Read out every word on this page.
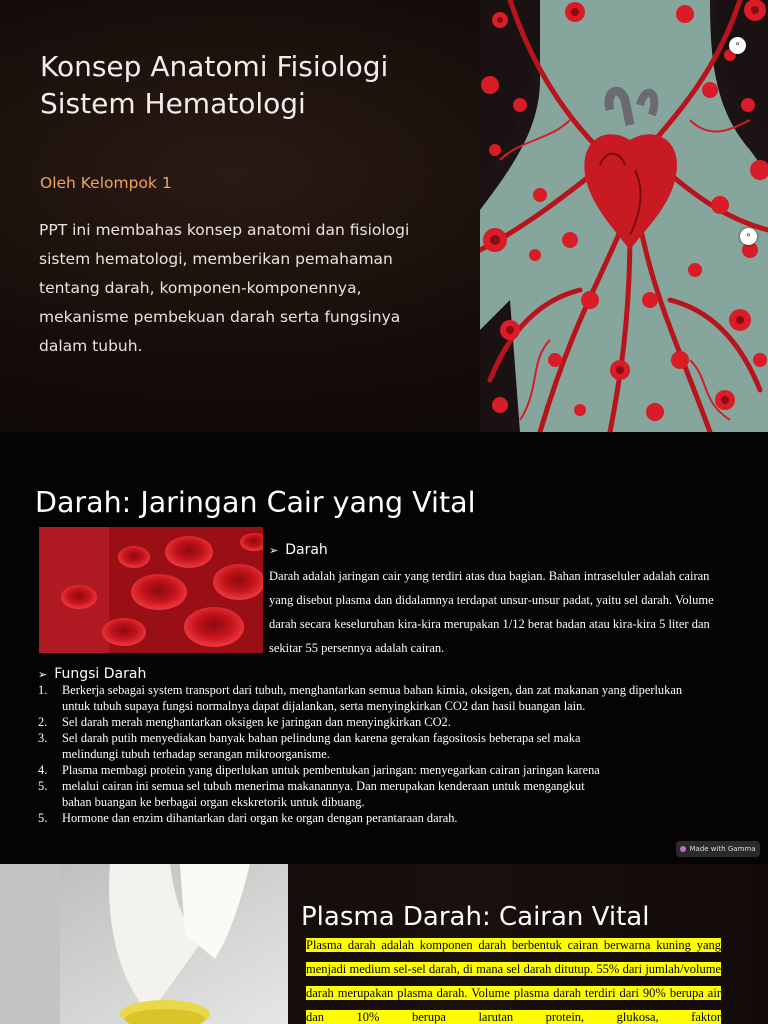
Konsep Anatomi Fisiologi Sistem Hematologi
Oleh Kelompok 1
PPT ini membahas konsep anatomi dan fisiologi sistem hematologi, memberikan pemahaman tentang darah, komponen-komponennya, mekanisme pembekuan darah serta fungsinya dalam tubuh.
⚬
⚬
Darah: Jaringan Cair yang Vital
➢ Darah
Darah adalah jaringan cair yang terdiri atas dua bagian. Bahan intraseluler adalah cairan yang disebut plasma dan didalamnya terdapat unsur-unsur padat, yaitu sel darah. Volume darah secara keseluruhan kira-kira merupakan 1/12 berat badan atau kira-kira 5 liter dan sekitar 55 persennya adalah cairan.
➢ Fungsi Darah
1.	Berkerja sebagai system transport dari tubuh, menghantarkan semua bahan kimia, oksigen, dan zat makanan yang diperlukan
untuk tubuh supaya fungsi normalnya dapat dijalankan, serta menyingkirkan CO2 dan hasil buangan lain.
2.	Sel darah merah menghantarkan oksigen ke jaringan dan menyingkirkan CO2.
3.	Sel darah putih menyediakan banyak bahan pelindung dan karena gerakan fagositosis beberapa sel maka
melindungi tubuh terhadap serangan mikroorganisme.
4.	Plasma membagi protein yang diperlukan untuk pembentukan jaringan: menyegarkan cairan jaringan karena
5.	melalui cairan ini semua sel tubuh menerima makanannya. Dan merupakan kenderaan untuk mengangkut
bahan buangan ke berbagai organ ekskretorik untuk dibuang.
5.	Hormone dan enzim dihantarkan dari organ ke organ dengan perantaraan darah.
Made with Gamma
Plasma Darah: Cairan Vital
Plasma darah adalah komponen darah berbentuk cairan berwarna kuning yang menjadi medium sel-sel darah, di mana sel darah ditutup. 55% dari jumlah/volume darah merupakan plasma darah. Volume plasma darah terdiri dari 90% berupa air dan 10% berupa larutan protein, glukosa, faktor
